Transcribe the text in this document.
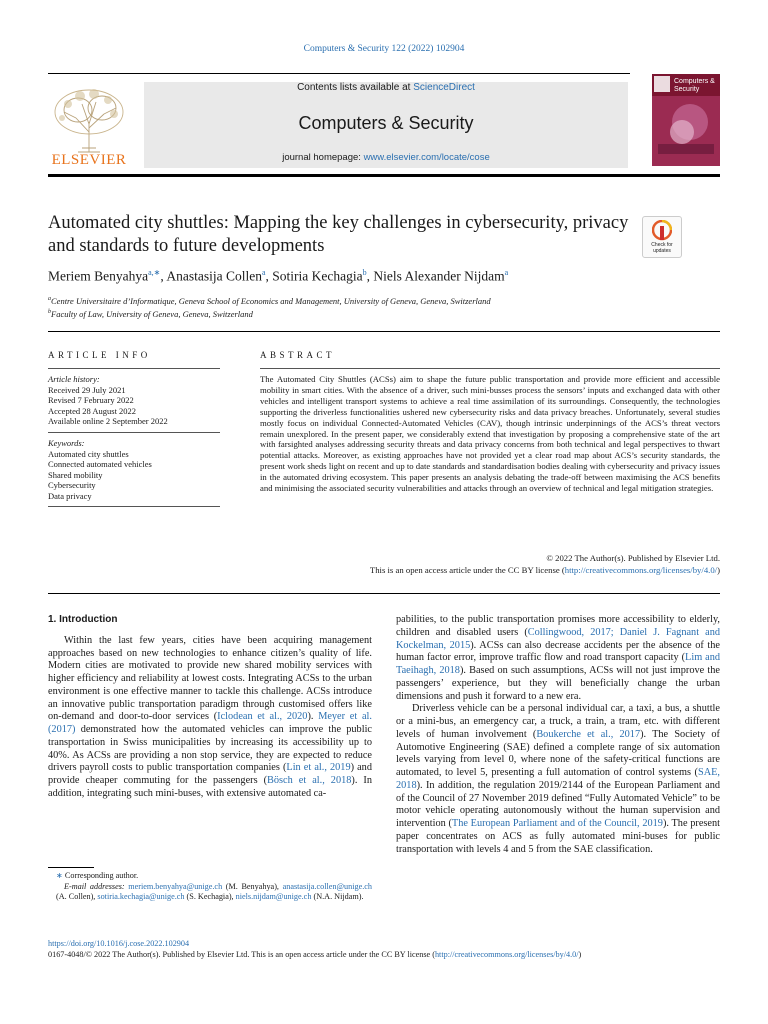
Computers & Security 122 (2022) 102904
ELSEVIER
Contents lists available at ScienceDirect
Computers & Security
journal homepage: www.elsevier.com/locate/cose
Computers & Security
Automated city shuttles: Mapping the key challenges in cybersecurity, privacy and standards to future developments	Check for updates
Meriem Benyahya$^{a,∗}$, Anastasija Collen$^a$, Sotiria Kechagia$^b$, Niels Alexander Nijdam$^a$
$^a$Centre Universitaire d’Informatique, Geneva School of Economics and Management, University of Geneva, Geneva, Switzerland
$^b$Faculty of Law, University of Geneva, Geneva, Switzerland
ARTICLE INFO	ABSTRACT
Article history:
Received 29 July 2021
Revised 7 February 2022
Accepted 28 August 2022
Available online 2 September 2022
Keywords:
Automated city shuttles
Connected automated vehicles
Shared mobility
Cybersecurity
Data privacy
The Automated City Shuttles (ACSs) aim to shape the future public transportation and provide more efficient and accessible mobility in smart cities. With the absence of a driver, such mini-busses process the sensors’ inputs and exchanged data with other vehicles and intelligent transport systems to achieve a real time assimilation of its surroundings. Consequently, the technologies supporting the driverless functionalities ushered new cybersecurity risks and data privacy breaches. Unfortunately, several studies mostly focus on individual Connected-Automated Vehicles (CAV), though intrinsic underpinnings of the ACS’s threat vectors remain unexplored. In the present paper, we considerably extend that investigation by proposing a comprehensive state of the art with farsighted analyses addressing security threats and data privacy concerns from both technical and legal perspectives to thwart potential attacks. Moreover, as existing approaches have not provided yet a clear road map about ACS’s security standards, the present work sheds light on recent and up to date standards and standardisation bodies dealing with cybersecurity and privacy issues in the automated driving ecosystem. This paper presents an analysis debating the trade-off between maximising the ACS benefits and minimising the associated security vulnerabilities and attacks through an overview of technical and legal mitigation strategies.
© 2022 The Author(s). Published by Elsevier Ltd.
This is an open access article under the CC BY license (http://creativecommons.org/licenses/by/4.0/)
1. Introduction

Within the last few years, cities have been acquiring management approaches based on new technologies to enhance citizen’s quality of life. Modern cities are motivated to provide new shared mobility services with higher efficiency and reliability at lowest costs. Integrating ACSs to the urban environment is one effective manner to tackle this challenge. ACSs introduce an innovative public transportation paradigm through customised offers like on-demand and door-to-door services (Iclodean et al., 2020). Meyer et al. (2017) demonstrated how the automated vehicles can improve the public transportation in Swiss municipalities by increasing its accessibility up to 40%. As ACSs are providing a non stop service, they are expected to reduce drivers payroll costs to public transportation companies (Lin et al., 2019) and provide cheaper commuting for the passengers (Bösch et al., 2018). In addition, integrating such mini-buses, with extensive automated ca-

pabilities, to the public transportation promises more accessibility to elderly, children and disabled users (Collingwood, 2017; Daniel J. Fagnant and Kockelman, 2015). ACSs can also decrease accidents per the absence of the human factor error, improve traffic flow and road transport capacity (Lim and Taeihagh, 2018). Based on such assumptions, ACSs will not just improve the passengers’ experience, but they will beneficially change the urban dimensions and push it forward to a new era.

Driverless vehicle can be a personal individual car, a taxi, a bus, a shuttle or a mini-bus, an emergency car, a truck, a train, a tram, etc. with different levels of human involvement (Boukerche et al., 2017). The Society of Automotive Engineering (SAE) defined a complete range of six automation levels varying from level 0, where none of the safety-critical functions are automated, to level 5, presenting a full automation of control systems (SAE, 2018). In addition, the regulation 2019/2144 of the European Parliament and of the Council of 27 November 2019 defined “Fully Automated Vehicle” to be motor vehicle operating autonomously without the human supervision and intervention (The European Parliament and of the Council, 2019). The present paper concentrates on ACS as fully automated mini-buses for public transportation with levels 4 and 5 from the SAE classification.

∗ Corresponding author.
E-mail addresses: meriem.benyahya@unige.ch (M. Benyahya), anastasija.collen@unige.ch (A. Collen), sotiria.kechagia@unige.ch (S. Kechagia), niels.nijdam@unige.ch (N.A. Nijdam).
https://doi.org/10.1016/j.cose.2022.102904
0167-4048/© 2022 The Author(s). Published by Elsevier Ltd. This is an open access article under the CC BY license (http://creativecommons.org/licenses/by/4.0/)
